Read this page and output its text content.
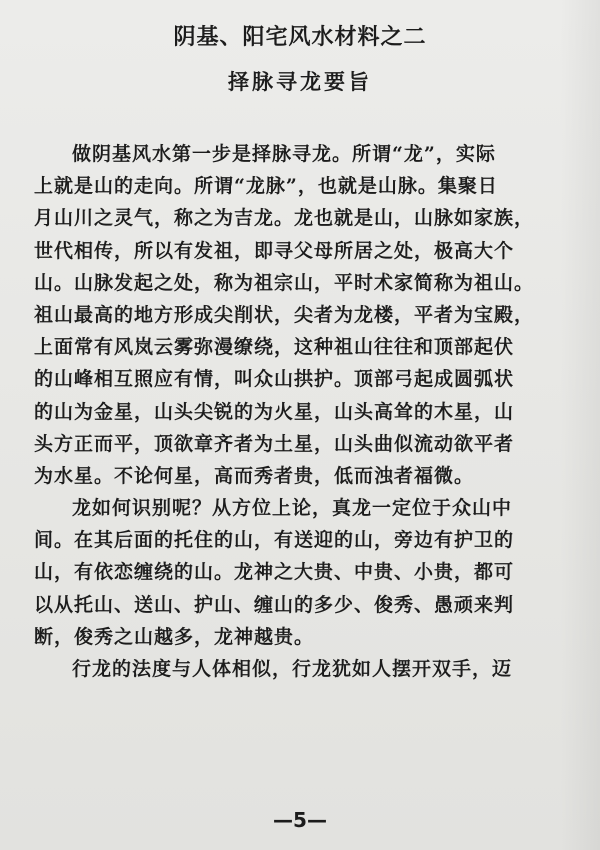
阴基、阳宅风水材料之二
择脉寻龙要旨
做阴基风水第一步是择脉寻龙。所谓“龙”，实际
上就是山的走向。所谓“龙脉”，也就是山脉。集聚日
月山川之灵气，称之为吉龙。龙也就是山，山脉如家族，
世代相传，所以有发祖，即寻父母所居之处，极高大个
山。山脉发起之处，称为祖宗山，平时术家简称为祖山。
祖山最高的地方形成尖削状，尖者为龙楼，平者为宝殿，
上面常有风岚云雾弥漫缭绕，这种祖山往往和顶部起伏
的山峰相互照应有情，叫众山拱护。顶部弓起成圆弧状
的山为金星，山头尖锐的为火星，山头高耸的木星，山
头方正而平，顶欲章齐者为土星，山头曲似流动欲平者
为水星。不论何星，高而秀者贵，低而浊者福微。
龙如何识别呢？从方位上论，真龙一定位于众山中
间。在其后面的托住的山，有送迎的山，旁边有护卫的
山，有依恋缠绕的山。龙神之大贵、中贵、小贵，都可
以从托山、送山、护山、缠山的多少、俊秀、愚顽来判
断，俊秀之山越多，龙神越贵。
行龙的法度与人体相似，行龙犹如人摆开双手，迈
—5—
